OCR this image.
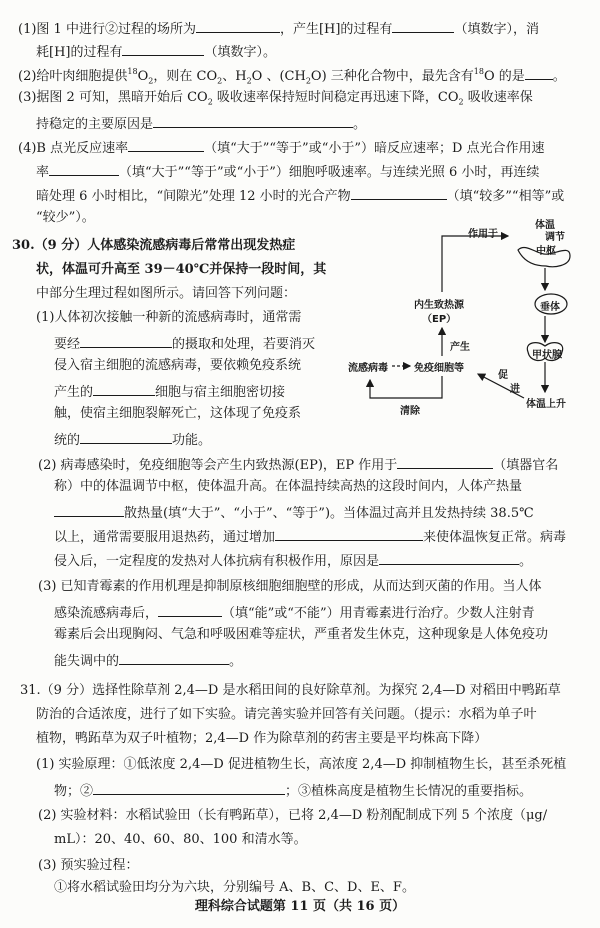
(1)图 1 中进行②过程的场所为	，产生[H]的过程有	（填数字），消
耗[H]的过程有	（填数字）。
(2)给叶肉细胞提供$^{18}O_2$，则在 $CO_2$、$H_2O$ 、$(CH_2O)$ 三种化合物中，最先含有$^{18}$O 的是 。
(3)据图 2 可知，黑暗开始后 $CO_2$ 吸收速率保持短时间稳定再迅速下降，$CO_2$ 吸收速率保
持稳定的主要原因是	。
(4)B 点光反应速率	（填“大于”“等于”或“小于”）暗反应速率；D 点光合作用速
率	（填“大于”“等于”或“小于”）细胞呼吸速率。与连续光照 6 小时，再连续
暗处理 6 小时相比，“间隙光”处理 12 小时的光合产物	（填“较多”“相等”或
“较少”）。
30.（9 分）人体感染流感病毒后常常出现发热症
状，体温可升高至 39－40℃并保持一段时间，其
中部分生理过程如图所示。请回答下列问题：
(1)人体初次接触一种新的流感病毒时，通常需
要经	的摄取和处理，若要消灭
侵入宿主细胞的流感病毒，要依赖免疫系统
产生的	细胞与宿主细胞密切接
触，使宿主细胞裂解死亡，这体现了免疫系
统的	功能。
作用于
体温
调节
中枢
内生致热源
（EP）
产生
流感病毒	免疫细胞等
清除
促
进
垂体
甲状腺
体温上升
(2) 病毒感染时，免疫细胞等会产生内致热源(EP)，EP 作用于	（填器官名
称）中的体温调节中枢，使体温升高。在体温持续高热的这段时间内，人体产热量
散热量(填“大于”、“小于”、“等于”)。当体温过高并且发热持续 38.5℃
以上，通常需要服用退热药，通过增加	来使体温恢复正常。病毒
侵入后，一定程度的发热对人体抗病有积极作用，原因是	。
(3) 已知青霉素的作用机理是抑制原核细胞细胞壁的形成，从而达到灭菌的作用。当人体
感染流感病毒后，	（填“能”或“不能”）用青霉素进行治疗。少数人注射青
霉素后会出现胸闷、气急和呼吸困难等症状，严重者发生休克，这种现象是人体免疫功
能失调中的	。
31.（9 分）选择性除草剂 2,4—D 是水稻田间的良好除草剂。为探究 2,4—D 对稻田中鸭跖草
防治的合适浓度，进行了如下实验。请完善实验并回答有关问题。（提示：水稻为单子叶
植物，鸭跖草为双子叶植物；2,4—D 作为除草剂的药害主要是平均株高下降）
(1) 实验原理：①低浓度 2,4—D 促进植物生长，高浓度 2,4—D 抑制植物生长，甚至杀死植
物；②	；③植株高度是植物生长情况的重要指标。
(2) 实验材料：水稻试验田（长有鸭跖草），已将 2,4—D 粉剂配制成下列 5 个浓度（μg/
mL）：20、40、60、80、100 和清水等。
(3) 预实验过程：
①将水稻试验田均分为六块，分别编号 A、B、C、D、E、F。
理科综合试题第 11 页（共 16 页）
